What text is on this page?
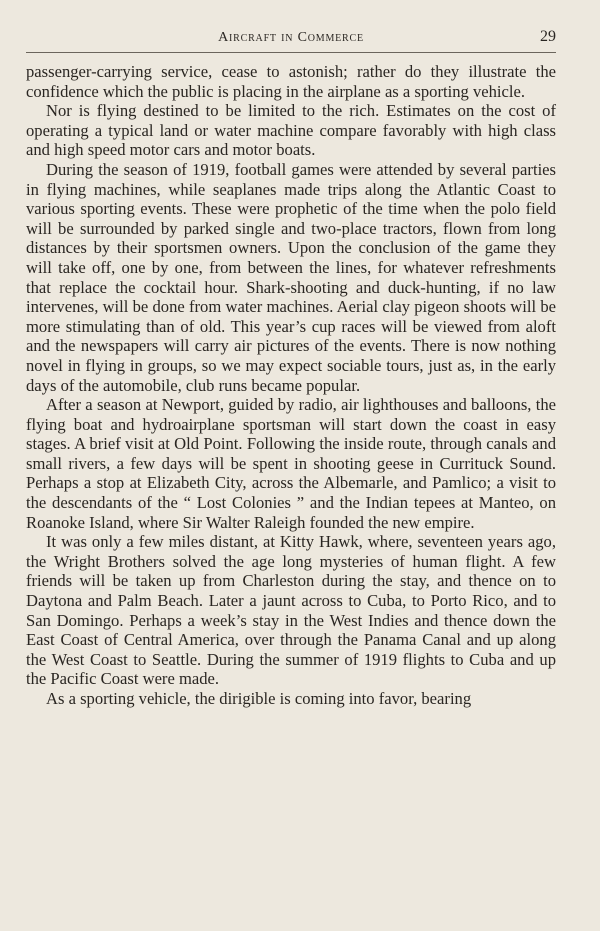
Aircraft in Commerce	29

passenger-carrying service, cease to astonish; rather do they illustrate the confidence which the public is placing in the airplane as a sporting vehicle.

Nor is flying destined to be limited to the rich. Estimates on the cost of operating a typical land or water machine compare favorably with high class and high speed motor cars and motor boats.

During the season of 1919, football games were attended by several parties in flying machines, while seaplanes made trips along the Atlantic Coast to various sporting events. These were prophetic of the time when the polo field will be surrounded by parked single and two-place tractors, flown from long distances by their sportsmen owners. Upon the conclusion of the game they will take off, one by one, from between the lines, for whatever refreshments that replace the cocktail hour. Shark-shooting and duck-hunting, if no law intervenes, will be done from water machines. Aerial clay pigeon shoots will be more stimulating than of old. This year’s cup races will be viewed from aloft and the newspapers will carry air pictures of the events. There is now nothing novel in flying in groups, so we may expect sociable tours, just as, in the early days of the automobile, club runs became popular.

After a season at Newport, guided by radio, air lighthouses and balloons, the flying boat and hydroairplane sportsman will start down the coast in easy stages. A brief visit at Old Point. Following the inside route, through canals and small rivers, a few days will be spent in shooting geese in Currituck Sound. Perhaps a stop at Elizabeth City, across the Albemarle, and Pamlico; a visit to the descendants of the “ Lost Colonies ” and the Indian tepees at Manteo, on Roanoke Island, where Sir Walter Raleigh founded the new empire.

It was only a few miles distant, at Kitty Hawk, where, seventeen years ago, the Wright Brothers solved the age long mysteries of human flight. A few friends will be taken up from Charleston during the stay, and thence on to Daytona and Palm Beach. Later a jaunt across to Cuba, to Porto Rico, and to San Domingo. Perhaps a week’s stay in the West Indies and thence down the East Coast of Central America, over through the Panama Canal and up along the West Coast to Seattle. During the summer of 1919 flights to Cuba and up the Pacific Coast were made.

As a sporting vehicle, the dirigible is coming into favor, bearing
